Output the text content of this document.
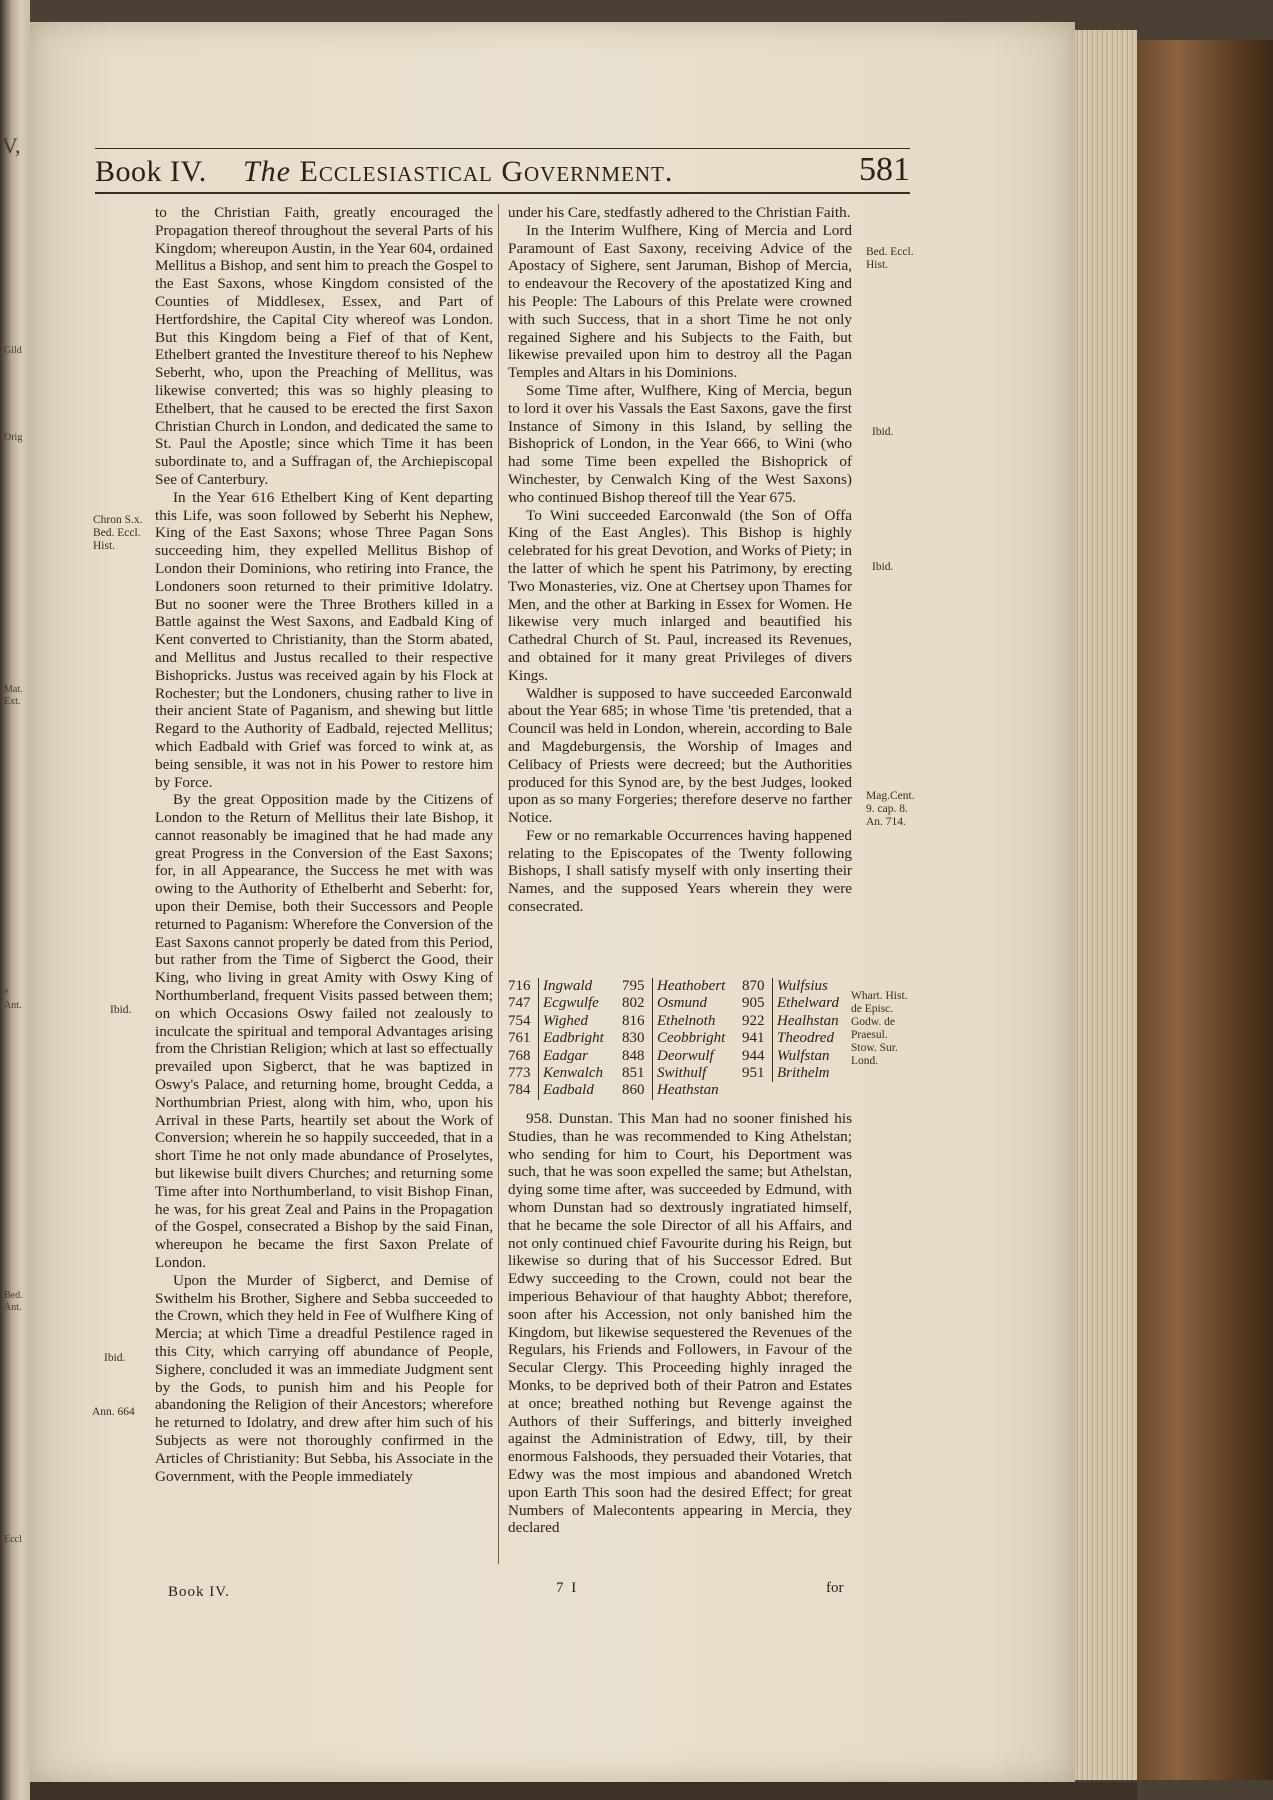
V,
Gild
Orig
Mat. Ext.
e
Ant.
Bed. Ant.
Eccl
Book IV. The Ecclesiastical Government.	581
Chron S.x. Bed. Eccl. Hist.
Ibid.
Ibid.
Ann. 664

to the Christian Faith, greatly encouraged the Propagation thereof throughout the several Parts of his Kingdom; whereupon Austin, in the Year 604, ordained Mellitus a Bishop, and sent him to preach the Gospel to the East Saxons, whose Kingdom consisted of the Counties of Middlesex, Essex, and Part of Hertfordshire, the Capital City whereof was London. But this Kingdom being a Fief of that of Kent, Ethelbert granted the Investiture thereof to his Nephew Seberht, who, upon the Preaching of Mellitus, was likewise converted; this was so highly pleasing to Ethelbert, that he caused to be erected the first Saxon Christian Church in London, and dedicated the same to St. Paul the Apostle; since which Time it has been subordinate to, and a Suffragan of, the Archiepiscopal See of Canterbury.

In the Year 616 Ethelbert King of Kent departing this Life, was soon followed by Seberht his Nephew, King of the East Saxons; whose Three Pagan Sons succeeding him, they expelled Mellitus Bishop of London their Dominions, who retiring into France, the Londoners soon returned to their primitive Idolatry. But no sooner were the Three Brothers killed in a Battle against the West Saxons, and Eadbald King of Kent converted to Christianity, than the Storm abated, and Mellitus and Justus recalled to their respective Bishopricks. Justus was received again by his Flock at Rochester; but the Londoners, chusing rather to live in their ancient State of Paganism, and shewing but little Regard to the Authority of Eadbald, rejected Mellitus; which Eadbald with Grief was forced to wink at, as being sensible, it was not in his Power to restore him by Force.

By the great Opposition made by the Citizens of London to the Return of Mellitus their late Bishop, it cannot reasonably be imagined that he had made any great Progress in the Conversion of the East Saxons; for, in all Appearance, the Success he met with was owing to the Authority of Ethelberht and Seberht: for, upon their Demise, both their Successors and People returned to Paganism: Wherefore the Conversion of the East Saxons cannot properly be dated from this Period, but rather from the Time of Sigberct the Good, their King, who living in great Amity with Oswy King of Northumberland, frequent Visits passed between them; on which Occasions Oswy failed not zealously to inculcate the spiritual and temporal Advantages arising from the Christian Religion; which at last so effectually prevailed upon Sigberct, that he was baptized in Oswy's Palace, and returning home, brought Cedda, a Northumbrian Priest, along with him, who, upon his Arrival in these Parts, heartily set about the Work of Conversion; wherein he so happily succeeded, that in a short Time he not only made abundance of Proselytes, but likewise built divers Churches; and returning some Time after into Northumberland, to visit Bishop Finan, he was, for his great Zeal and Pains in the Propagation of the Gospel, consecrated a Bishop by the said Finan, whereupon he became the first Saxon Prelate of London.

Upon the Murder of Sigberct, and Demise of Swithelm his Brother, Sighere and Sebba succeeded to the Crown, which they held in Fee of Wulfhere King of Mercia; at which Time a dreadful Pestilence raged in this City, which carrying off abundance of People, Sighere, concluded it was an immediate Judgment sent by the Gods, to punish him and his People for abandoning the Religion of their Ancestors; wherefore he returned to Idolatry, and drew after him such of his Subjects as were not thoroughly confirmed in the Articles of Christianity: But Sebba, his Associate in the Government, with the People immediately

Book IV.

under his Care, stedfastly adhered to the Christian Faith.

In the Interim Wulfhere, King of Mercia and Lord Paramount of East Saxony, receiving Advice of the Apostacy of Sighere, sent Jaruman, Bishop of Mercia, to endeavour the Recovery of the apostatized King and his People: The Labours of this Prelate were crowned with such Success, that in a short Time he not only regained Sighere and his Subjects to the Faith, but likewise prevailed upon him to destroy all the Pagan Temples and Altars in his Dominions.

Some Time after, Wulfhere, King of Mercia, begun to lord it over his Vassals the East Saxons, gave the first Instance of Simony in this Island, by selling the Bishoprick of London, in the Year 666, to Wini (who had some Time been expelled the Bishoprick of Winchester, by Cenwalch King of the West Saxons) who continued Bishop thereof till the Year 675.

To Wini succeeded Earconwald (the Son of Offa King of the East Angles). This Bishop is highly celebrated for his great Devotion, and Works of Piety; in the latter of which he spent his Patrimony, by erecting Two Monasteries, viz. One at Chertsey upon Thames for Men, and the other at Barking in Essex for Women. He likewise very much inlarged and beautified his Cathedral Church of St. Paul, increased its Revenues, and obtained for it many great Privileges of divers Kings.

Waldher is supposed to have succeeded Earconwald about the Year 685; in whose Time 'tis pretended, that a Council was held in London, wherein, according to Bale and Magdeburgensis, the Worship of Images and Celibacy of Priests were decreed; but the Authorities produced for this Synod are, by the best Judges, looked upon as so many Forgeries; therefore deserve no farther Notice.

Few or no remarkable Occurrences having happened relating to the Episcopates of the Twenty following Bishops, I shall satisfy myself with only inserting their Names, and the supposed Years wherein they were consecrated.

716 Ingwald
747 Ecgwulfe
754 Wighed
761 Eadbright
768 Eadgar
773 Kenwalch
784 Eadbald
795 Heathobert
802 Osmund
816 Ethelnoth
830 Ceobbright
848 Deorwulf
851 Swithulf
860 Heathstan
870 Wulfsius
905 Ethelward
922 Healhstan
941 Theodred
944 Wulfstan
951 Brithelm

958. Dunstan. This Man had no sooner finished his Studies, than he was recommended to King Athelstan; who sending for him to Court, his Deportment was such, that he was soon expelled the same; but Athelstan, dying some time after, was succeeded by Edmund, with whom Dunstan had so dextrously ingratiated himself, that he became the sole Director of all his Affairs, and not only continued chief Favourite during his Reign, but likewise so during that of his Successor Edred. But Edwy succeeding to the Crown, could not bear the imperious Behaviour of that haughty Abbot; therefore, soon after his Accession, not only banished him the Kingdom, but likewise sequestered the Revenues of the Regulars, his Friends and Followers, in Favour of the Secular Clergy. This Proceeding highly inraged the Monks, to be deprived both of their Patron and Estates at once; breathed nothing but Revenge against the Authors of their Sufferings, and bitterly inveighed against the Administration of Edwy, till, by their enormous Falshoods, they persuaded their Votaries, that Edwy was the most impious and abandoned Wretch upon Earth This soon had the desired Effect; for great Numbers of Malecontents appearing in Mercia, they declared

7 I	for
Bed. Eccl. Hist.
Ibid.
Ibid.
Mag.Cent. 9. cap. 8. An. 714.
Whart. Hist. de Episc. Godw. de Praesul. Stow. Sur. Lond.
